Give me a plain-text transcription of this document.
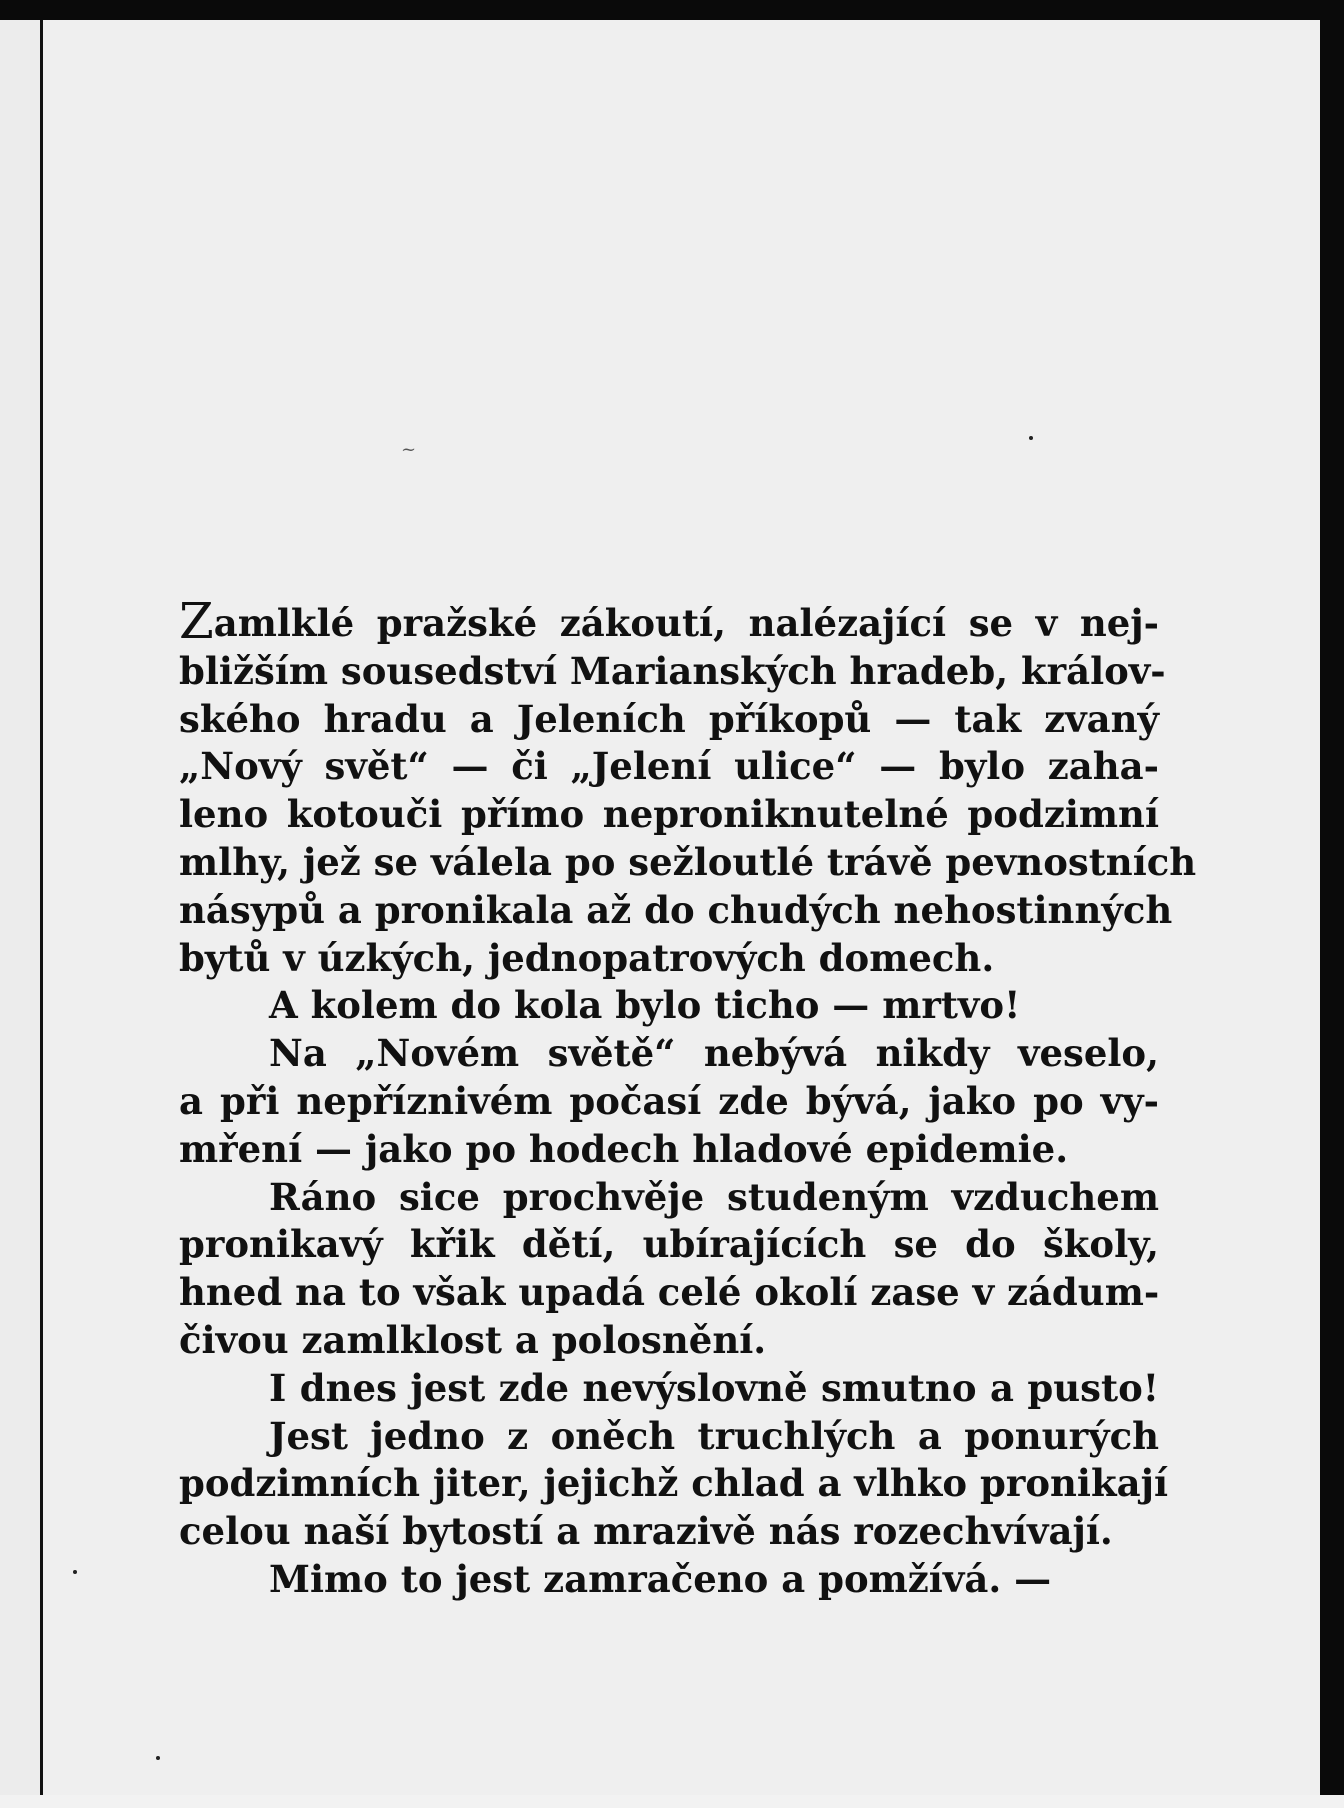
~
Zamlklé pražské zákoutí, nalézající se v nej-
bližším sousedství Marianských hradeb, králov-
ského hradu a Jeleních příkopů — tak zvaný
„Nový svět“ — či „Jelení ulice“ — bylo zaha-
leno kotouči přímo neproniknutelné podzimní
mlhy, jež se válela po sežloutlé trávě pevnostních
násypů a pronikala až do chudých nehostinných
bytů v úzkých, jednopatrových domech.
A kolem do kola bylo ticho — mrtvo!
Na „Novém světě“ nebývá nikdy veselo,
a při nepříznivém počasí zde bývá, jako po vy-
mření — jako po hodech hladové epidemie.
Ráno sice prochvěje studeným vzduchem
pronikavý křik dětí, ubírajících se do školy,
hned na to však upadá celé okolí zase v zádum-
čivou zamlklost a polosnění.
I dnes jest zde nevýslovně smutno a pusto!
Jest jedno z oněch truchlých a ponurých
podzimních jiter, jejichž chlad a vlhko pronikají
celou naší bytostí a mrazivě nás rozechvívají.
Mimo to jest zamračeno a pomžívá. —
